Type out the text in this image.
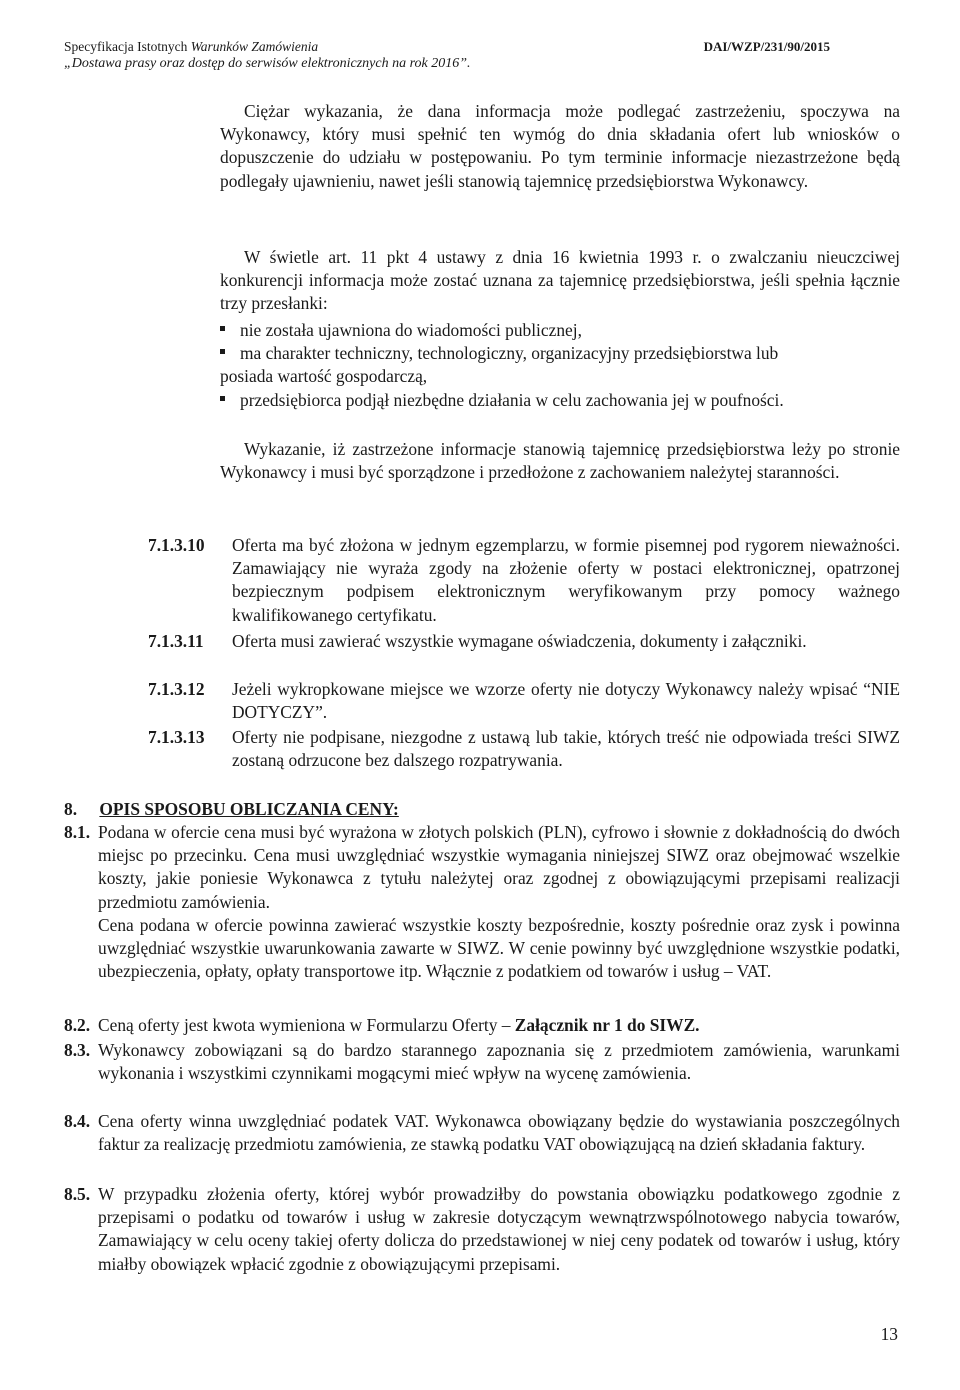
Specyfikacja Istotnych Warunków Zamówienia	DAI/WZP/231/90/2015
„Dostawa prasy oraz dostęp do serwisów elektronicznych na rok 2016”.
Ciężar wykazania, że dana informacja może podlegać zastrzeżeniu, spoczywa na Wykonawcy, który musi spełnić ten wymóg do dnia składania ofert lub wniosków o dopuszczenie do udziału w postępowaniu. Po tym terminie informacje niezastrzeżone będą podlegały ujawnieniu, nawet jeśli stanowią tajemnicę przedsiębiorstwa Wykonawcy.
W świetle art. 11 pkt 4 ustawy z dnia 16 kwietnia 1993 r. o zwalczaniu nieuczciwej konkurencji informacja może zostać uznana za tajemnicę przedsiębiorstwa, jeśli spełnia łącznie trzy przesłanki:
nie została ujawniona do wiadomości publicznej,
ma charakter techniczny, technologiczny, organizacyjny przedsiębiorstwa lub
posiada wartość gospodarczą,
przedsiębiorca podjął niezbędne działania w celu zachowania jej w poufności.
Wykazanie, iż zastrzeżone informacje stanowią tajemnicę przedsiębiorstwa leży po stronie Wykonawcy i musi być sporządzone i przedłożone z zachowaniem należytej staranności.
7.1.3.10 Oferta ma być złożona w jednym egzemplarzu, w formie pisemnej pod rygorem nieważności. Zamawiający nie wyraża zgody na złożenie oferty w postaci elektronicznej, opatrzonej bezpiecznym podpisem elektronicznym weryfikowanym przy pomocy ważnego kwalifikowanego certyfikatu.
7.1.3.11 Oferta musi zawierać wszystkie wymagane oświadczenia, dokumenty i załączniki.
7.1.3.12 Jeżeli wykropkowane miejsce we wzorze oferty nie dotyczy Wykonawcy należy wpisać “NIE DOTYCZY”.
7.1.3.13 Oferty nie podpisane, niezgodne z ustawą lub takie, których treść nie odpowiada treści SIWZ zostaną odrzucone bez dalszego rozpatrywania.
8. OPIS SPOSOBU OBLICZANIA CENY:
8.1. Podana w ofercie cena musi być wyrażona w złotych polskich (PLN), cyfrowo i słownie z dokładnością do dwóch miejsc po przecinku. Cena musi uwzględniać wszystkie wymagania niniejszej SIWZ oraz obejmować wszelkie koszty, jakie poniesie Wykonawca z tytułu należytej oraz zgodnej z obowiązującymi przepisami realizacji przedmiotu zamówienia.
Cena podana w ofercie powinna zawierać wszystkie koszty bezpośrednie, koszty pośrednie oraz zysk i powinna uwzględniać wszystkie uwarunkowania zawarte w SIWZ. W cenie powinny być uwzględnione wszystkie podatki, ubezpieczenia, opłaty, opłaty transportowe itp. Włącznie z podatkiem od towarów i usług – VAT.
8.2. Ceną oferty jest kwota wymieniona w Formularzu Oferty – Załącznik nr 1 do SIWZ.
8.3. Wykonawcy zobowiązani są do bardzo starannego zapoznania się z przedmiotem zamówienia, warunkami wykonania i wszystkimi czynnikami mogącymi mieć wpływ na wycenę zamówienia.
8.4. Cena oferty winna uwzględniać podatek VAT. Wykonawca obowiązany będzie do wystawiania poszczególnych faktur za realizację przedmiotu zamówienia, ze stawką podatku VAT obowiązującą na dzień składania faktury.
8.5. W przypadku złożenia oferty, której wybór prowadziłby do powstania obowiązku podatkowego zgodnie z przepisami o podatku od towarów i usług w zakresie dotyczącym wewnątrzwspólnotowego nabycia towarów, Zamawiający w celu oceny takiej oferty dolicza do przedstawionej w niej ceny podatek od towarów i usług, który miałby obowiązek wpłacić zgodnie z obowiązującymi przepisami.
13
